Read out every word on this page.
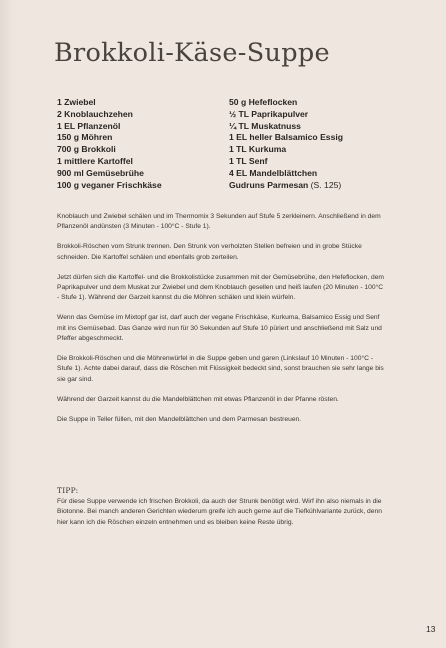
Brokkoli-Käse-Suppe
1 Zwiebel
2 Knoblauchzehen
1 EL Pflanzenöl
150 g Möhren
700 g Brokkoli
1 mittlere Kartoffel
900 ml Gemüsebrühe
100 g veganer Frischkäse
50 g Hefeflocken
½ TL Paprikapulver
¼ TL Muskatnuss
1 EL heller Balsamico Essig
1 TL Kurkuma
1 TL Senf
4 EL Mandelblättchen
Gudruns Parmesan (S. 125)

Knoblauch und Zwiebel schälen und im Thermomix 3 Sekunden auf Stufe 5 zerkleinern. Anschließend in dem Pflanzenöl andünsten (3 Minuten - 100°C - Stufe 1).

Brokkoli-Röschen vom Strunk trennen. Den Strunk von verholzten Stellen befreien und in grobe Stücke schneiden. Die Kartoffel schälen und ebenfalls grob zerteilen.

Jetzt dürfen sich die Kartoffel- und die Brokkolistücke zusammen mit der Gemüsebrühe, den Hefeflocken, dem Paprikapulver und dem Muskat zur Zwiebel und dem Knoblauch gesellen und heiß laufen (20 Minuten - 100°C - Stufe 1). Während der Garzeit kannst du die Möhren schälen und klein würfeln.

Wenn das Gemüse im Mixtopf gar ist, darf auch der vegane Frischkäse, Kurkuma, Balsamico Essig und Senf mit ins Gemüsebad. Das Ganze wird nun für 30 Sekunden auf Stufe 10 püriert und anschließend mit Salz und Pfeffer abgeschmeckt.

Die Brokkoli-Röschen und die Möhrenwürfel in die Suppe geben und garen (Linkslauf 10 Minuten - 100°C - Stufe 1). Achte dabei darauf, dass die Röschen mit Flüssigkeit bedeckt sind, sonst brauchen sie sehr lange bis sie gar sind.

Während der Garzeit kannst du die Mandelblättchen mit etwas Pflanzenöl in der Pfanne rösten.

Die Suppe in Teller füllen, mit den Mandelblättchen und dem Parmesan bestreuen.

TIPP:

Für diese Suppe verwende ich frischen Brokkoli, da auch der Strunk benötigt wird. Wirf ihn also niemals in die Biotonne. Bei manch anderen Gerichten wiederum greife ich auch gerne auf die Tiefkühlvariante zurück, denn hier kann ich die Röschen einzeln entnehmen und es bleiben keine Reste übrig.

13
